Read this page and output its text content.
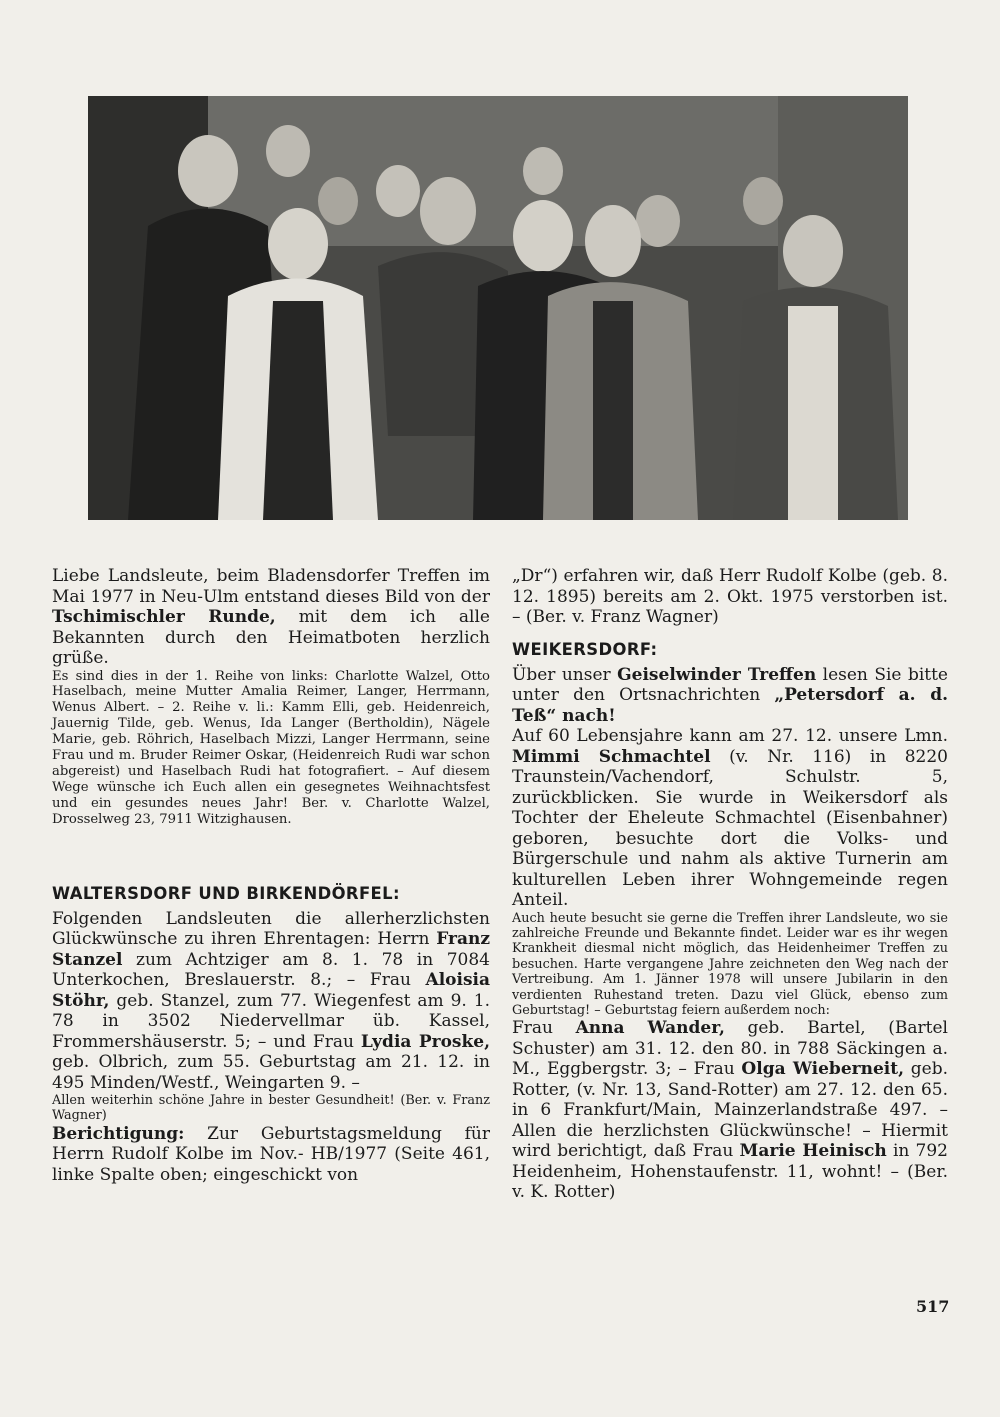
Liebe Landsleute, beim Bladensdorfer Treffen im Mai 1977 in Neu-Ulm entstand dieses Bild von der Tschimischler Runde, mit dem ich alle Bekannten durch den Heimatboten herzlich grüße.

Es sind dies in der 1. Reihe von links: Charlotte Walzel, Otto Haselbach, meine Mutter Amalia Reimer, Langer, Herrmann, Wenus Albert. – 2. Reihe v. li.: Kamm Elli, geb. Heidenreich, Jauernig Tilde, geb. Wenus, Ida Langer (Bertholdin), Nägele Marie, geb. Röhrich, Haselbach Mizzi, Langer Herrmann, seine Frau und m. Bruder Reimer Oskar, (Heidenreich Rudi war schon abgereist) und Haselbach Rudi hat fotografiert. – Auf diesem Wege wünsche ich Euch allen ein gesegnetes Weihnachtsfest und ein gesundes neues Jahr! Ber. v. Charlotte Walzel, Drosselweg 23, 7911 Witzighausen.

WALTERSDORF UND BIRKENDÖRFEL:

Folgenden Landsleuten die allerherzlichsten Glückwünsche zu ihren Ehrentagen: Herrn Franz Stanzel zum Achtziger am 8. 1. 78 in 7084 Unterkochen, Breslauerstr. 8.; – Frau Aloisia Stöhr, geb. Stanzel, zum 77. Wiegenfest am 9. 1. 78 in 3502 Niedervellmar üb. Kassel, Frommershäuserstr. 5; – und Frau Lydia Proske, geb. Olbrich, zum 55. Geburtstag am 21. 12. in 495 Minden/Westf., Weingarten 9. –

Allen weiterhin schöne Jahre in bester Gesundheit! (Ber. v. Franz Wagner)

Berichtigung: Zur Geburtstagsmeldung für Herrn Rudolf Kolbe im Nov.- HB/1977 (Seite 461, linke Spalte oben; eingeschickt von

„Dr“) erfahren wir, daß Herr Rudolf Kolbe (geb. 8. 12. 1895) bereits am 2. Okt. 1975 verstorben ist. – (Ber. v. Franz Wagner)

WEIKERSDORF:

Über unser Geiselwinder Treffen lesen Sie bitte unter den Ortsnachrichten „Petersdorf a. d. Teß“ nach!

Auf 60 Lebensjahre kann am 27. 12. unsere Lmn. Mimmi Schmachtel (v. Nr. 116) in 8220 Traunstein/Vachendorf, Schulstr. 5, zurückblicken. Sie wurde in Weikersdorf als Tochter der Eheleute Schmachtel (Eisenbahner) geboren, besuchte dort die Volks- und Bürgerschule und nahm als aktive Turnerin am kulturellen Leben ihrer Wohngemeinde regen Anteil.

Auch heute besucht sie gerne die Treffen ihrer Landsleute, wo sie zahlreiche Freunde und Bekannte findet. Leider war es ihr wegen Krankheit diesmal nicht möglich, das Heidenheimer Treffen zu besuchen. Harte vergangene Jahre zeichneten den Weg nach der Vertreibung. Am 1. Jänner 1978 will unsere Jubilarin in den verdienten Ruhestand treten. Dazu viel Glück, ebenso zum Geburtstag! – Geburtstag feiern außerdem noch:

Frau Anna Wander, geb. Bartel, (Bartel Schuster) am 31. 12. den 80. in 788 Säckingen a. M., Eggbergstr. 3; – Frau Olga Wieberneit, geb. Rotter, (v. Nr. 13, Sand-Rotter) am 27. 12. den 65. in 6 Frankfurt/Main, Mainzerlandstraße 497. – Allen die herzlichsten Glückwünsche! – Hiermit wird berichtigt, daß Frau Marie Heinisch in 792 Heidenheim, Hohenstaufenstr. 11, wohnt! – (Ber. v. K. Rotter)

517
